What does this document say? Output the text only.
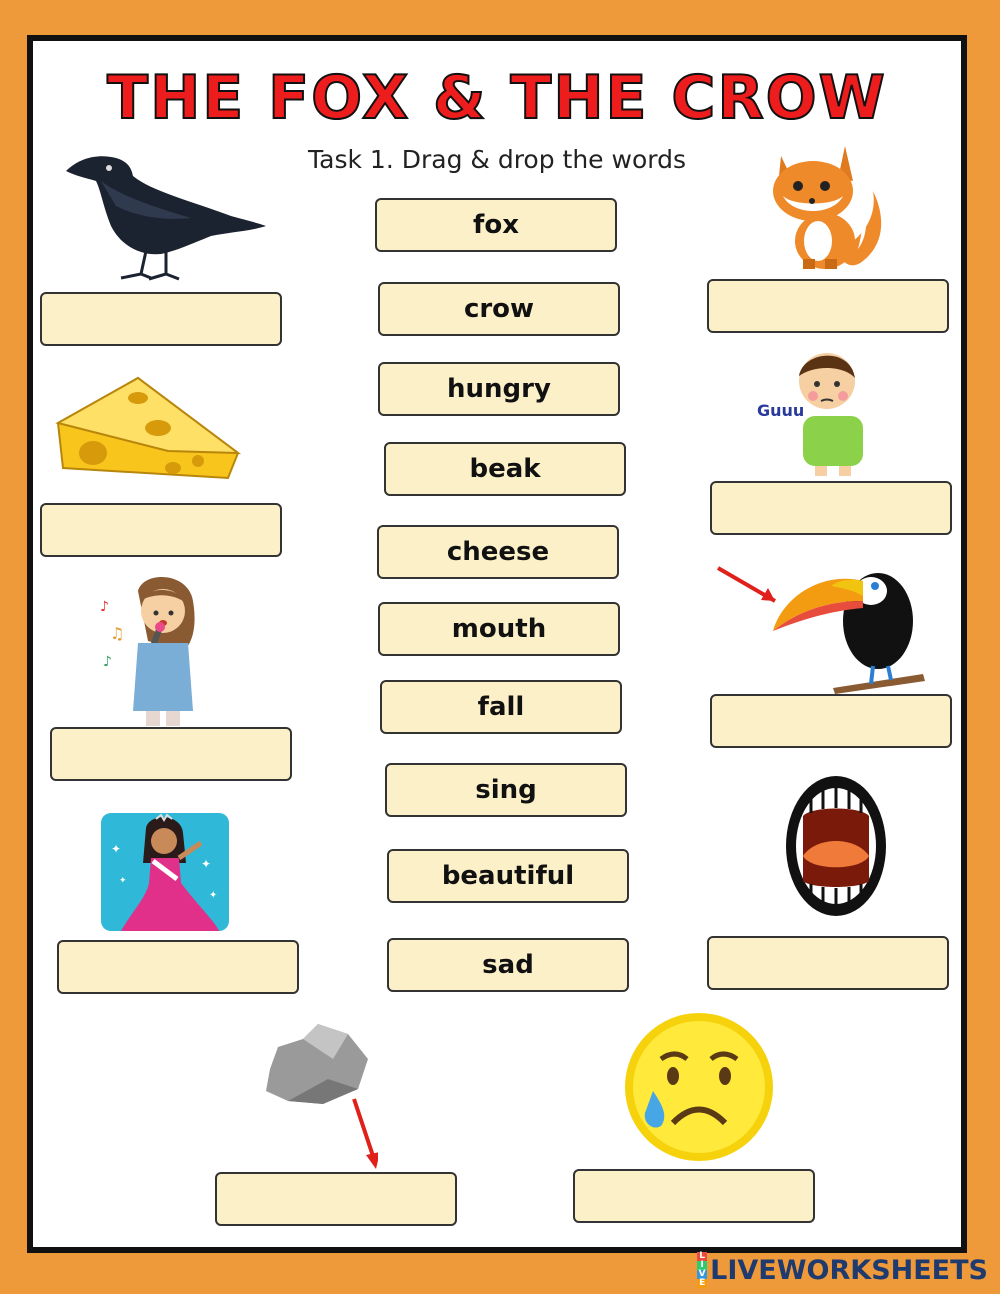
THE FOX & THE CROW
Task 1. Drag & drop the words
Guuu
♪
♫
♪
✦
✦
✦
✦
fox
crow
hungry
beak
cheese
mouth
fall
sing
beautiful
sad
L
I
V
E LIVEWORKSHEETS
